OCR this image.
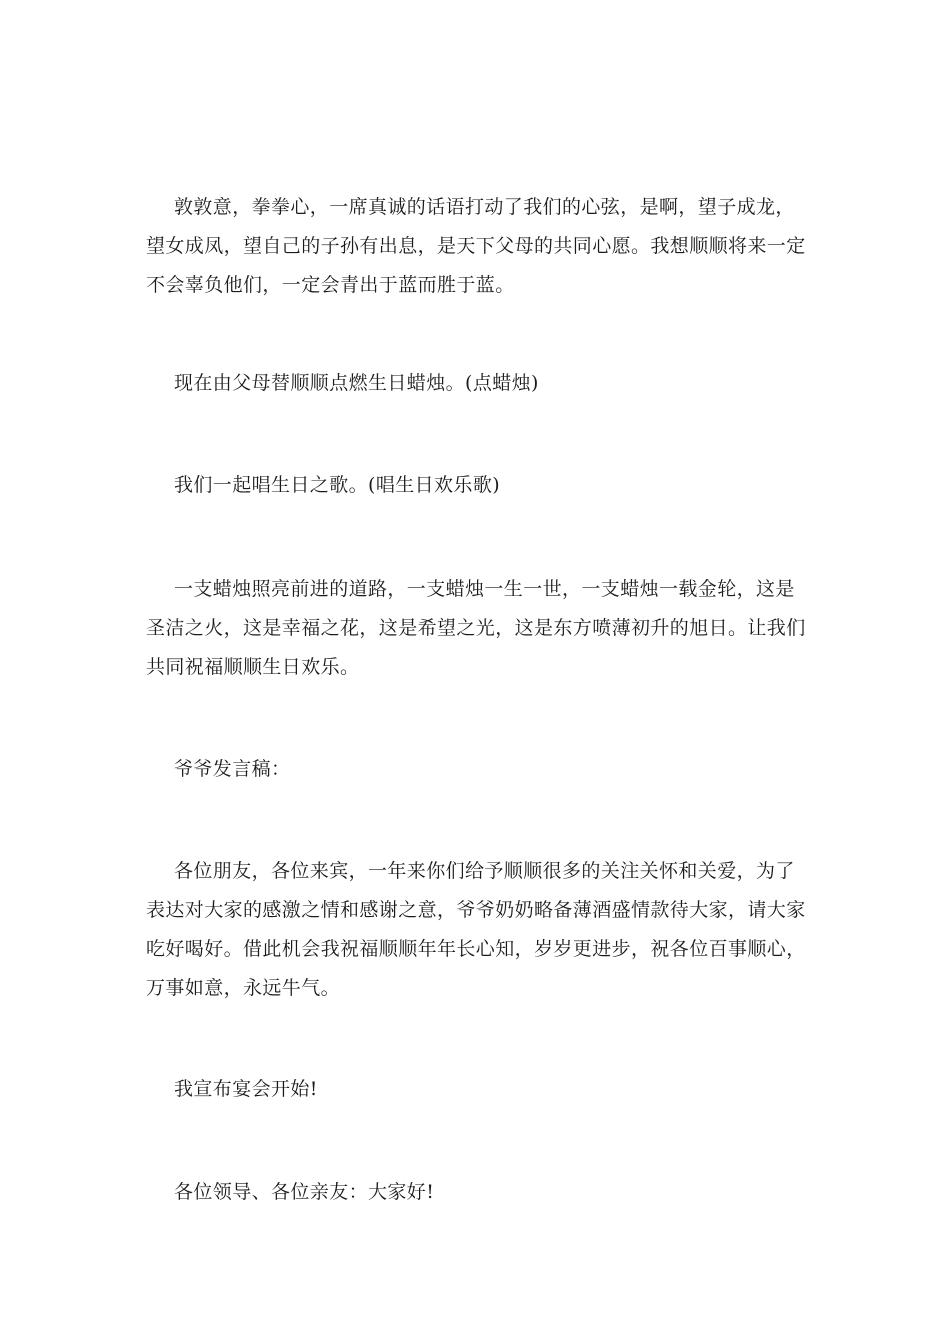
敦敦意，拳拳心，一席真诚的话语打动了我们的心弦，是啊，望子成龙，望女成凤，望自己的子孙有出息，是天下父母的共同心愿。我想顺顺将来一定不会辜负他们，一定会青出于蓝而胜于蓝。

现在由父母替顺顺点燃生日蜡烛。(点蜡烛)

我们一起唱生日之歌。(唱生日欢乐歌)

一支蜡烛照亮前进的道路，一支蜡烛一生一世，一支蜡烛一载金轮，这是圣洁之火，这是幸福之花，这是希望之光，这是东方喷薄初升的旭日。让我们共同祝福顺顺生日欢乐。

爷爷发言稿：

各位朋友，各位来宾，一年来你们给予顺顺很多的关注关怀和关爱，为了表达对大家的感激之情和感谢之意，爷爷奶奶略备薄酒盛情款待大家，请大家吃好喝好。借此机会我祝福顺顺年年长心知，岁岁更进步，祝各位百事顺心，万事如意，永远牛气。

我宣布宴会开始!

各位领导、各位亲友：大家好!
